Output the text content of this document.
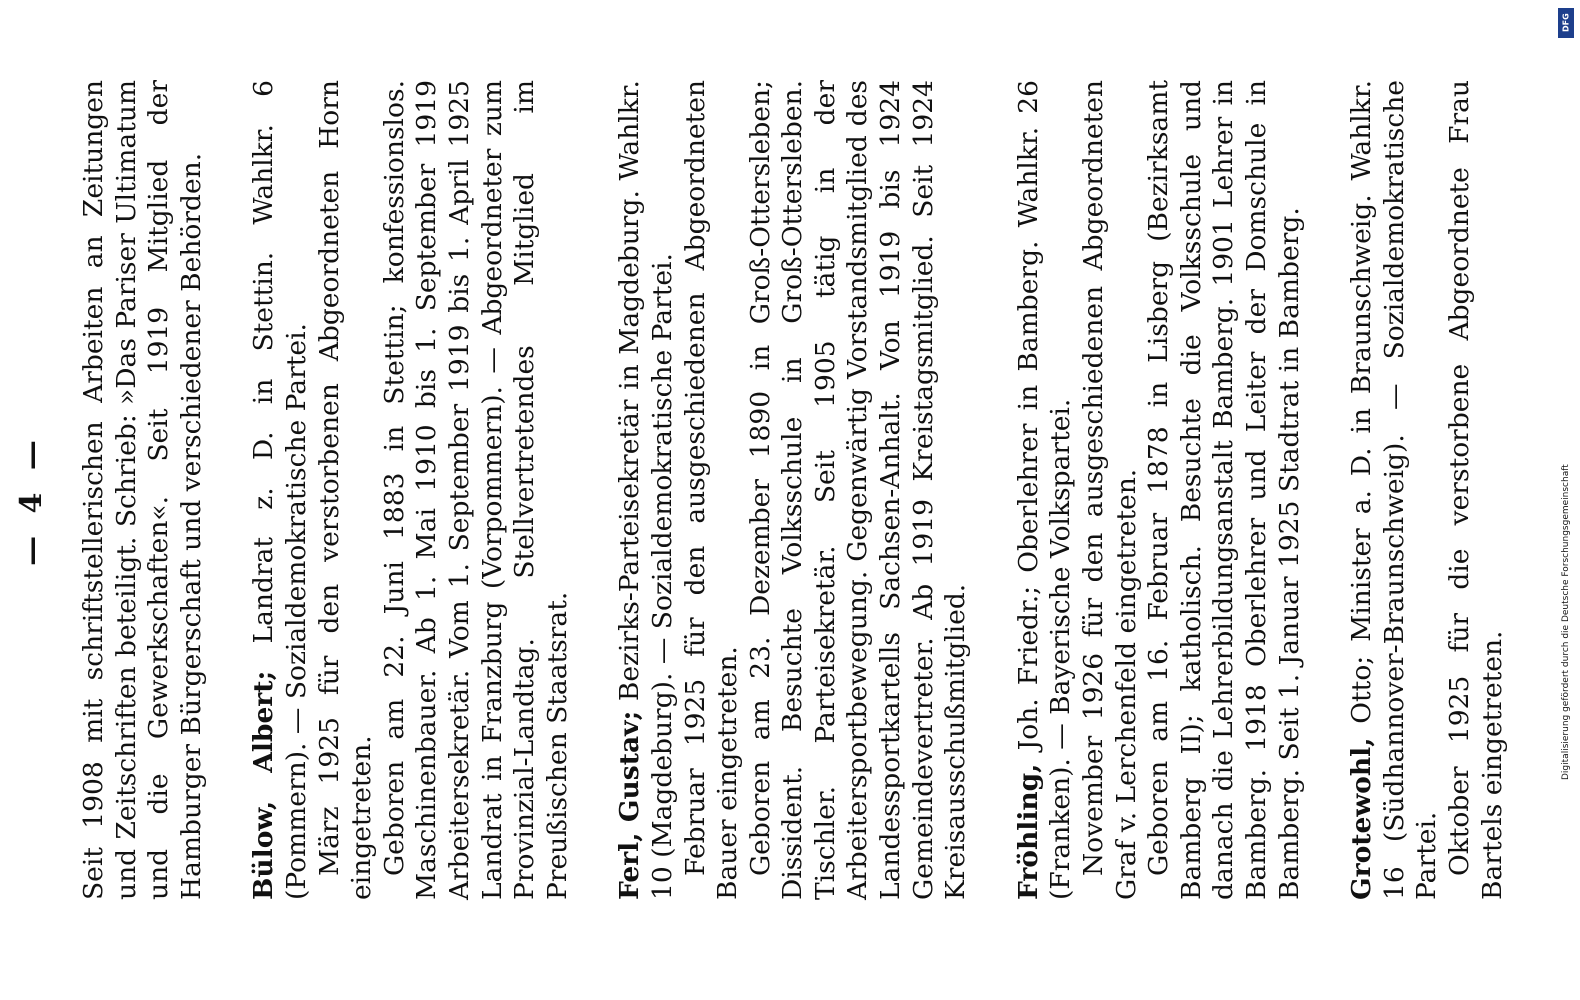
— 4 — Seit 1908 mit schriftstellerischen Arbeiten an Zeitungen und Zeitschriften beteiligt. Schrieb: »Das Pariser Ultimatum und die Gewerkschaften«. Seit 1919 Mitglied der Hamburger Bürgerschaft und verschiedener Behörden. Bülow, Albert; Landrat z. D. in Stettin. Wahlkr. 6 (Pommern). — Sozialdemokratische Partei. März 1925 für den verstorbenen Abgeordneten Horn eingetreten. Geboren am 22. Juni 1883 in Stettin; konfessionslos. Maschinenbauer. Ab 1. Mai 1910 bis 1. September 1919 Arbeitersekretär. Vom 1. September 1919 bis 1. April 1925 Landrat in Franzburg (Vorpommern). — Abgeordneter zum Provinzial-Landtag. Stellvertretendes Mitglied im Preußischen Staatsrat. Ferl, Gustav; Bezirks-Parteisekretär in Magdeburg. Wahlkr. 10 (Magdeburg). — Sozialdemokratische Partei. Februar 1925 für den ausgeschiedenen Abgeordneten Bauer eingetreten. Geboren am 23. Dezember 1890 in Groß-Ottersleben; Dissident. Besuchte Volksschule in Groß-Ottersleben. Tischler. Parteisekretär. Seit 1905 tätig in der Arbeitersportbewegung. Gegenwärtig Vorstandsmitglied des Landessportkartells Sachsen-Anhalt. Von 1919 bis 1924 Gemeindevertreter. Ab 1919 Kreistagsmitglied. Seit 1924 Kreisausschußmitglied. Fröhling, Joh. Friedr.; Oberlehrer in Bamberg. Wahlkr. 26 (Franken). — Bayerische Volkspartei. November 1926 für den ausgeschiedenen Abgeordneten Graf v. Lerchenfeld eingetreten. Geboren am 16. Februar 1878 in Lisberg (Bezirksamt Bamberg II); katholisch. Besuchte die Volksschule und danach die Lehrerbildungsanstalt Bamberg. 1901 Lehrer in Bamberg. 1918 Oberlehrer und Leiter der Domschule in Bamberg. Seit 1. Januar 1925 Stadtrat in Bamberg. Grotewohl, Otto; Minister a. D. in Braunschweig. Wahlkr. 16 (Südhannover-Braunschweig). — Sozialdemokratische Partei. Oktober 1925 für die verstorbene Abgeordnete Frau Bartels eingetreten.	Digitalisierung gefördert durch die Deutsche Forschungsgemeinschaft
DFG
